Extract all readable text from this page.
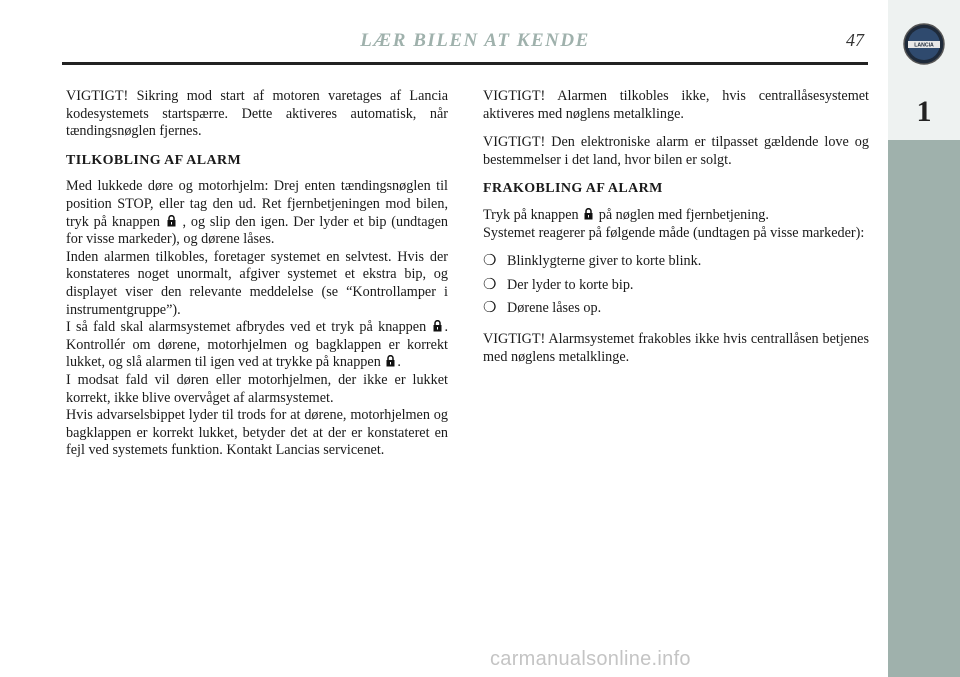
LÆR BILEN AT KENDE	47	LANCIA
1

VIGTIGT! Sikring mod start af motoren varetages af Lancia kodesystemets startspærre. Dette aktiveres automatisk, når tændingsnøglen fjernes.

TILKOBLING AF ALARM

Med lukkede døre og motorhjelm: Drej enten tændingsnøglen til position STOP, eller tag den ud. Ret fjernbetjeningen mod bilen, tryk på knappen , og slip den igen. Der lyder et bip (undtagen for visse markeder), og dørene låses.

Inden alarmen tilkobles, foretager systemet en selvtest. Hvis der konstateres noget unormalt, afgiver systemet et ekstra bip, og displayet viser den relevante meddelelse (se “Kontrollamper i instrumentgruppe”).

I så fald skal alarmsystemet afbrydes ved et tryk på knappen . Kontrollér om dørene, motorhjelmen og bagklappen er korrekt lukket, og slå alarmen til igen ved at trykke på knappen .

I modsat fald vil døren eller motorhjelmen, der ikke er lukket korrekt, ikke blive overvåget af alarmsystemet.

Hvis advarselsbippet lyder til trods for at dørene, motorhjelmen og bagklappen er korrekt lukket, betyder det at der er konstateret en fejl ved systemets funktion. Kontakt Lancias servicenet.

VIGTIGT! Alarmen tilkobles ikke, hvis centrallåsesystemet aktiveres med nøglens metalklinge.

VIGTIGT! Den elektroniske alarm er tilpasset gældende love og bestemmelser i det land, hvor bilen er solgt.

FRAKOBLING AF ALARM

Tryk på knappen på nøglen med fjernbetjening.

Systemet reagerer på følgende måde (undtagen på visse markeder):

❍ Blinklygterne giver to korte blink.
❍ Der lyder to korte bip.
❍ Dørene låses op.

VIGTIGT! Alarmsystemet frakobles ikke hvis centrallåsen betjenes med nøglens metalklinge.

carmanualsonline.info
